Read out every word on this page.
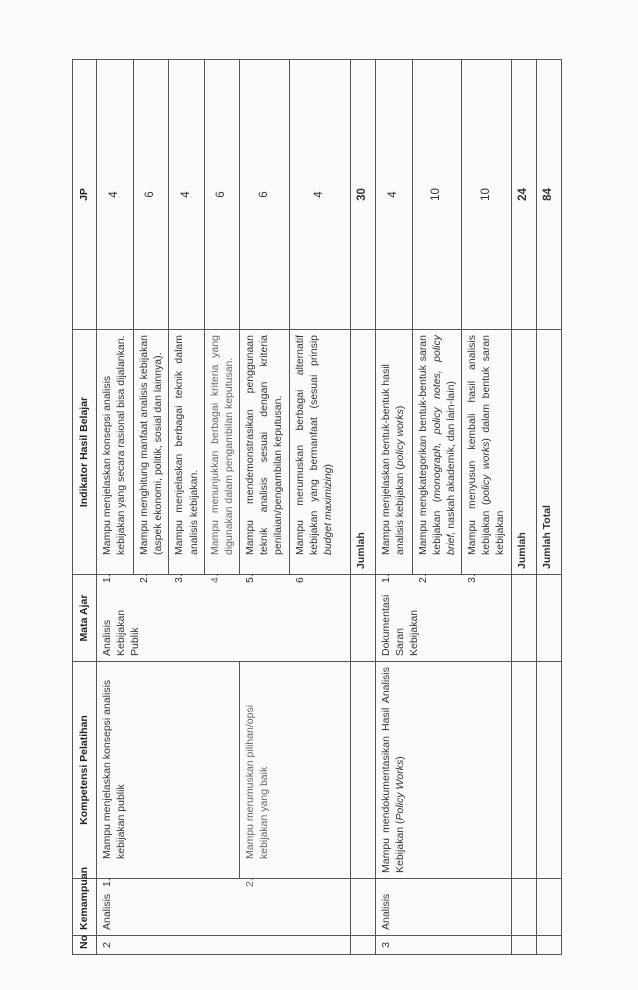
No	Kemampuan	Kompetensi Pelatihan	Mata Ajar	Indikator Hasil Belajar	JP
2	Analisis	1.Mampu menjelaskan konsepsi analisis kebijakan publik	Analisis Kebijakan Publik	1.Mampu menjelaskan konsepsi analisis kebijakan yang secara rasional bisa dijalankan.	4
				2.Mampu menghitung manfaat analisis kebijakan (aspek ekonomi, politik, sosial dan lainnya).	6
				3.Mampu menjelaskan berbagai teknik dalam analisis kebijakan.	4
				4.Mampu menunjukkan berbagai kriteria yang digunakan dalam pengambilan keputusan.	6
		2.Mampu merumuskan pilihan/opsi kebijakan yang baik		5.Mampu mendemonstrasikan penggunaan teknik analisis sesuai dengan kriteria penilaian/pengambilan keputusan.	6
				6Mampu merumuskan berbagai alternatif kebijakan yang bermanfaat (sesuai prinsip budget maximizing)	4
				Jumlah	30
3	Analisis	Mampu mendokumentasikan Hasil Analisis Kebijakan (Policy Works)	Dokumentasi Saran Kebijakan	1.Mampu menjelaskan bentuk-bentuk hasil analisis kebijakan (policy works)	4
				2.Mampu mengkategorikan bentuk-bentuk saran kebijakan (monograph, policy notes, policy brief, naskah akademik, dan lain-lain)	10
				3.Mampu menyusun kembali hasil analisis kebijakan (policy works) dalam bentuk saran kebijakan	10
				Jumlah	24
				Jumlah Total	84
